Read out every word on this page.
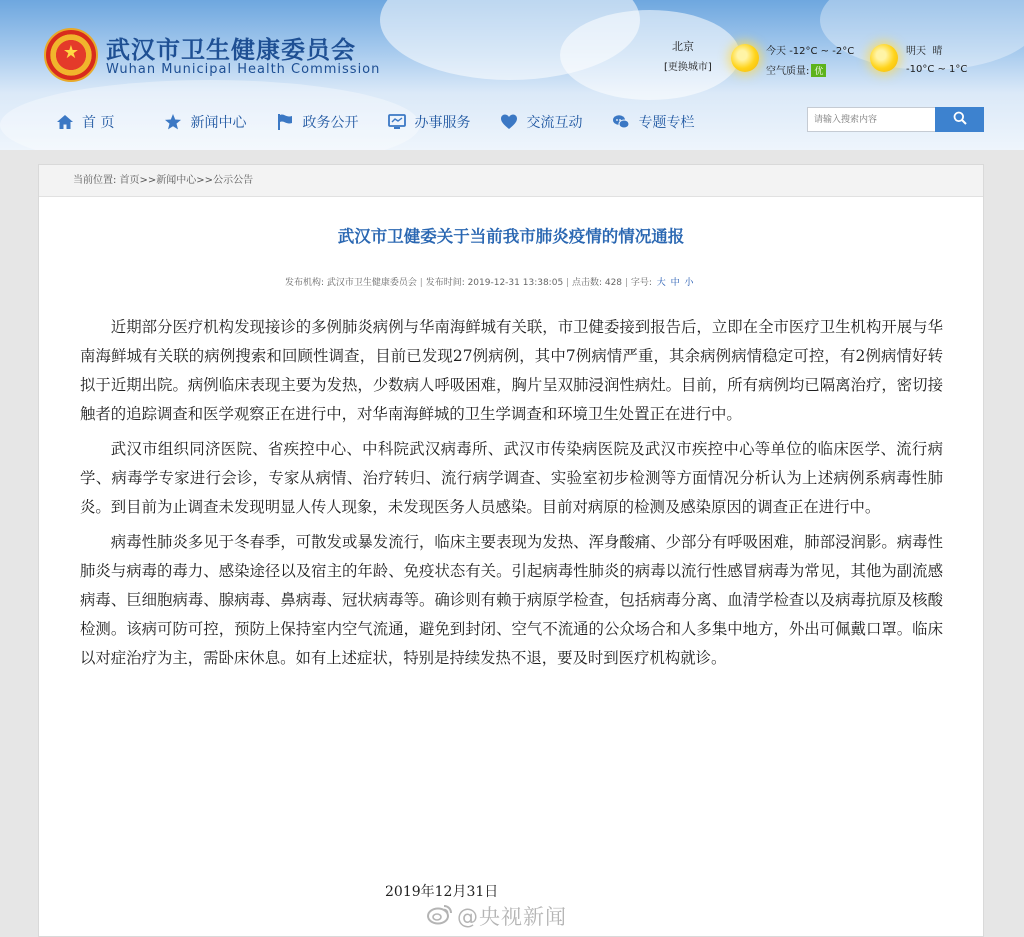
★
武汉市卫生健康委员会
Wuhan Municipal Health Commission
北京
[更换城市]
今天 -12°C ~ -2°C
空气质量: 优
明天 晴
-10°C ~ 1°C
首 页	新闻中心	政务公开	办事服务	交流互动	专题专栏
请输入搜索内容
当前位置: 首页>>新闻中心>>公示公告
武汉市卫健委关于当前我市肺炎疫情的情况通报
发布机构: 武汉市卫生健康委员会 | 发布时间: 2019-12-31 13:38:05 | 点击数: 428 | 字号: 大 中 小

近期部分医疗机构发现接诊的多例肺炎病例与华南海鲜城有关联，市卫健委接到报告后，立即在全市医疗卫生机构开展与华南海鲜城有关联的病例搜索和回顾性调查，目前已发现27例病例，其中7例病情严重，其余病例病情稳定可控，有2例病情好转拟于近期出院。病例临床表现主要为发热，少数病人呼吸困难，胸片呈双肺浸润性病灶。目前，所有病例均已隔离治疗，密切接触者的追踪调查和医学观察正在进行中，对华南海鲜城的卫生学调查和环境卫生处置正在进行中。

武汉市组织同济医院、省疾控中心、中科院武汉病毒所、武汉市传染病医院及武汉市疾控中心等单位的临床医学、流行病学、病毒学专家进行会诊，专家从病情、治疗转归、流行病学调查、实验室初步检测等方面情况分析认为上述病例系病毒性肺炎。到目前为止调查未发现明显人传人现象，未发现医务人员感染。目前对病原的检测及感染原因的调查正在进行中。

病毒性肺炎多见于冬春季，可散发或暴发流行，临床主要表现为发热、浑身酸痛、少部分有呼吸困难，肺部浸润影。病毒性肺炎与病毒的毒力、感染途径以及宿主的年龄、免疫状态有关。引起病毒性肺炎的病毒以流行性感冒病毒为常见，其他为副流感病毒、巨细胞病毒、腺病毒、鼻病毒、冠状病毒等。确诊则有赖于病原学检查，包括病毒分离、血清学检查以及病毒抗原及核酸检测。该病可防可控，预防上保持室内空气流通，避免到封闭、空气不流通的公众场合和人多集中地方，外出可佩戴口罩。临床以对症治疗为主，需卧床休息。如有上述症状，特别是持续发热不退，要及时到医疗机构就诊。

2019年12月31日
@央视新闻
